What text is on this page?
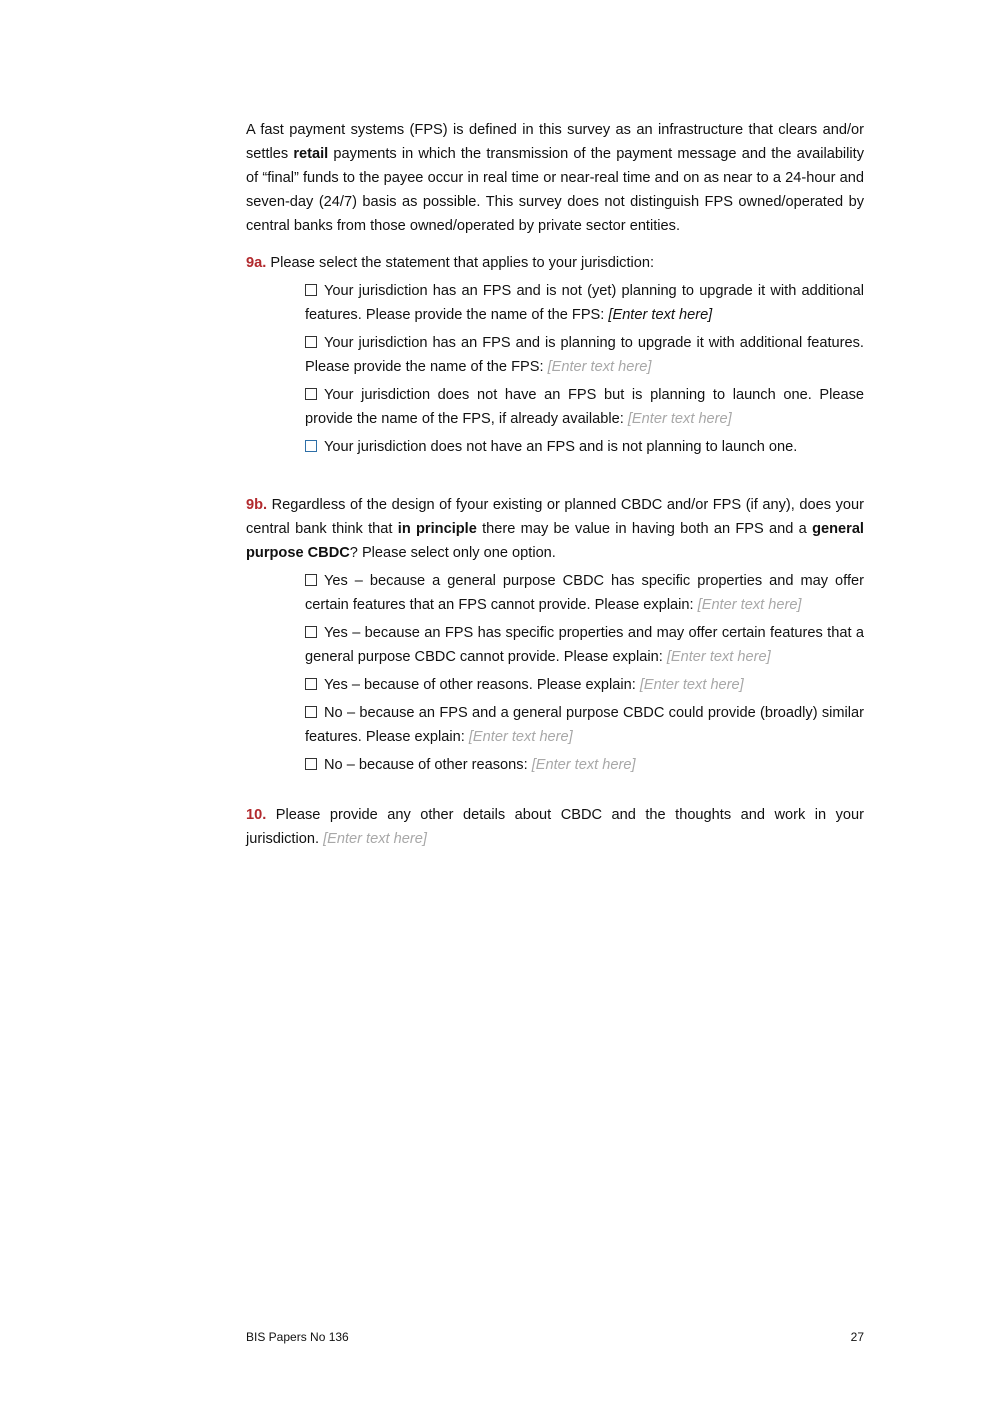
A fast payment systems (FPS) is defined in this survey as an infrastructure that clears and/or settles retail payments in which the transmission of the payment message and the availability of “final” funds to the payee occur in real time or near-real time and on as near to a 24-hour and seven-day (24/7) basis as possible. This survey does not distinguish FPS owned/operated by central banks from those owned/operated by private sector entities.

9a. Please select the statement that applies to your jurisdiction:

Your jurisdiction has an FPS and is not (yet) planning to upgrade it with additional features. Please provide the name of the FPS: [Enter text here]

Your jurisdiction has an FPS and is planning to upgrade it with additional features. Please provide the name of the FPS: [Enter text here]

Your jurisdiction does not have an FPS but is planning to launch one. Please provide the name of the FPS, if already available: [Enter text here]

Your jurisdiction does not have an FPS and is not planning to launch one.

9b. Regardless of the design of fyour existing or planned CBDC and/or FPS (if any), does your central bank think that in principle there may be value in having both an FPS and a general purpose CBDC? Please select only one option.

Yes – because a general purpose CBDC has specific properties and may offer certain features that an FPS cannot provide. Please explain: [Enter text here]

Yes – because an FPS has specific properties and may offer certain features that a general purpose CBDC cannot provide. Please explain: [Enter text here]

Yes – because of other reasons. Please explain: [Enter text here]

No – because an FPS and a general purpose CBDC could provide (broadly) similar features. Please explain: [Enter text here]

No – because of other reasons: [Enter text here]

10. Please provide any other details about CBDC and the thoughts and work in your jurisdiction. [Enter text here]

BIS Papers No 136	27
